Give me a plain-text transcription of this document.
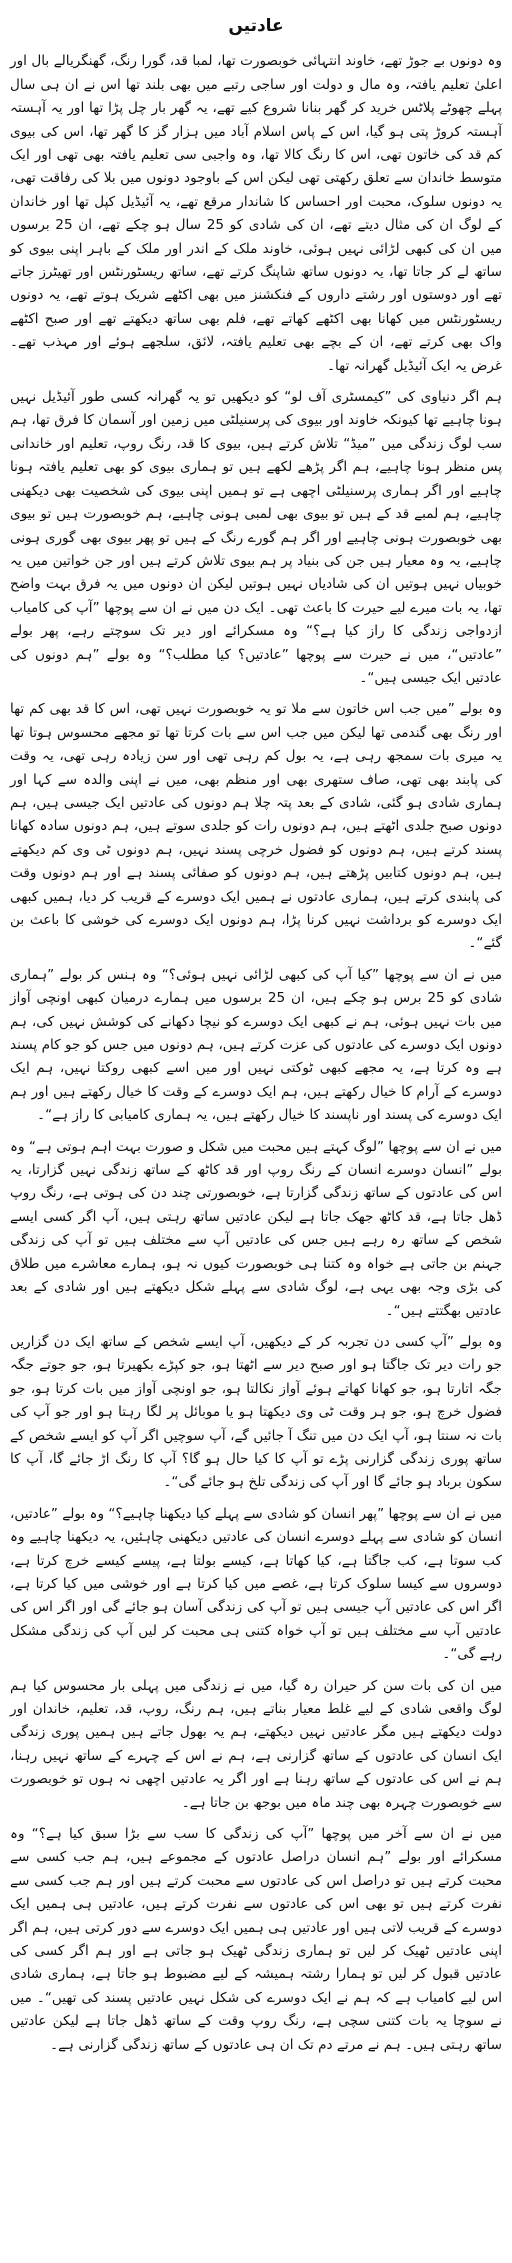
عادتیں

وہ دونوں بے جوڑ تھے، خاوند انتہائی خوبصورت تھا، لمبا قد، گورا رنگ، گھنگریالے بال اور اعلیٰ تعلیم یافتہ، وہ مال و دولت اور ساجی رتبے میں بھی بلند تھا اس نے ان ہی سال پہلے چھوٹے پلاٹس خرید کر گھر بنانا شروع کیے تھے، یہ گھر بار چل پڑا تھا اور یہ آہستہ آہستہ کروڑ پتی ہو گیا، اس کے پاس اسلام آباد میں ہزار گز کا گھر تھا، اس کی بیوی کم قد کی خاتون تھی، اس کا رنگ کالا تھا، وہ واجبی سی تعلیم یافتہ بھی تھی اور ایک متوسط خاندان سے تعلق رکھتی تھی لیکن اس کے باوجود دونوں میں بلا کی رفاقت تھی، یہ دونوں سلوک، محبت اور احساس کا شاندار مرقع تھے، یہ آئیڈیل کپل تھا اور خاندان کے لوگ ان کی مثال دیتے تھے، ان کی شادی کو 25 سال ہو چکے تھے، ان 25 برسوں میں ان کی کبھی لڑائی نہیں ہوئی، خاوند ملک کے اندر اور ملک کے باہر اپنی بیوی کو ساتھ لے کر جاتا تھا، یہ دونوں ساتھ شاپنگ کرتے تھے، ساتھ ریسٹورنٹس اور تھیٹرز جاتے تھے اور دوستوں اور رشتے داروں کے فنکشنز میں بھی اکٹھے شریک ہوتے تھے، یہ دونوں ریسٹورنٹس میں کھانا بھی اکٹھے کھاتے تھے، فلم بھی ساتھ دیکھتے تھے اور صبح اکٹھے واک بھی کرتے تھے، ان کے بچے بھی تعلیم یافتہ، لائق، سلجھے ہوئے اور مہذب تھے۔ غرض یہ ایک آئیڈیل گھرانہ تھا۔

ہم اگر دنیاوی کی ”کیمسٹری آف لو“ کو دیکھیں تو یہ گھرانہ کسی طور آئیڈیل نہیں ہونا چاہیے تھا کیونکہ خاوند اور بیوی کی پرسنیلٹی میں زمین اور آسمان کا فرق تھا، ہم سب لوگ زندگی میں ”میڈ“ تلاش کرتے ہیں، بیوی کا قد، رنگ روپ، تعلیم اور خاندانی پس منظر ہونا چاہیے، ہم اگر پڑھے لکھے ہیں تو ہماری بیوی کو بھی تعلیم یافتہ ہونا چاہیے اور اگر ہماری پرسنیلٹی اچھی ہے تو ہمیں اپنی بیوی کی شخصیت بھی دیکھنی چاہیے، ہم لمبے قد کے ہیں تو بیوی بھی لمبی ہونی چاہیے، ہم خوبصورت ہیں تو بیوی بھی خوبصورت ہونی چاہیے اور اگر ہم گورے رنگ کے ہیں تو پھر بیوی بھی گوری ہونی چاہیے، یہ وہ معیار ہیں جن کی بنیاد پر ہم بیوی تلاش کرتے ہیں اور جن خواتین میں یہ خوبیاں نہیں ہوتیں ان کی شادیاں نہیں ہوتیں لیکن ان دونوں میں یہ فرق بہت واضح تھا، یہ بات میرے لیے حیرت کا باعث تھی۔ ایک دن میں نے ان سے پوچھا ”آپ کی کامیاب ازدواجی زندگی کا راز کیا ہے؟“ وہ مسکرائے اور دیر تک سوچتے رہے، پھر بولے ”عادتیں“، میں نے حیرت سے پوچھا ”عادتیں؟ کیا مطلب؟“ وہ بولے ”ہم دونوں کی عادتیں ایک جیسی ہیں“۔

وہ بولے ”میں جب اس خاتون سے ملا تو یہ خوبصورت نہیں تھی، اس کا قد بھی کم تھا اور رنگ بھی گندمی تھا لیکن میں جب اس سے بات کرتا تھا تو مجھے محسوس ہوتا تھا یہ میری بات سمجھ رہی ہے، یہ بول کم رہی تھی اور سن زیادہ رہی تھی، یہ وقت کی پابند بھی تھی، صاف ستھری بھی اور منظم بھی، میں نے اپنی والدہ سے کہا اور ہماری شادی ہو گئی، شادی کے بعد پتہ چلا ہم دونوں کی عادتیں ایک جیسی ہیں، ہم دونوں صبح جلدی اٹھتے ہیں، ہم دونوں رات کو جلدی سوتے ہیں، ہم دونوں سادہ کھانا پسند کرتے ہیں، ہم دونوں کو فضول خرچی پسند نہیں، ہم دونوں ٹی وی کم دیکھتے ہیں، ہم دونوں کتابیں پڑھتے ہیں، ہم دونوں کو صفائی پسند ہے اور ہم دونوں وقت کی پابندی کرتے ہیں، ہماری عادتوں نے ہمیں ایک دوسرے کے قریب کر دیا، ہمیں کبھی ایک دوسرے کو برداشت نہیں کرنا پڑا، ہم دونوں ایک دوسرے کی خوشی کا باعث بن گئے“۔

میں نے ان سے پوچھا ”کیا آپ کی کبھی لڑائی نہیں ہوئی؟“ وہ ہنس کر بولے ”ہماری شادی کو 25 برس ہو چکے ہیں، ان 25 برسوں میں ہمارے درمیان کبھی اونچی آواز میں بات نہیں ہوئی، ہم نے کبھی ایک دوسرے کو نیچا دکھانے کی کوشش نہیں کی، ہم دونوں ایک دوسرے کی عادتوں کی عزت کرتے ہیں، ہم دونوں میں جس کو جو کام پسند ہے وہ کرتا ہے، یہ مجھے کبھی ٹوکتی نہیں اور میں اسے کبھی روکتا نہیں، ہم ایک دوسرے کے آرام کا خیال رکھتے ہیں، ہم ایک دوسرے کے وقت کا خیال رکھتے ہیں اور ہم ایک دوسرے کی پسند اور ناپسند کا خیال رکھتے ہیں، یہ ہماری کامیابی کا راز ہے“۔

میں نے ان سے پوچھا ”لوگ کہتے ہیں محبت میں شکل و صورت بہت اہم ہوتی ہے“ وہ بولے ”انسان دوسرے انسان کے رنگ روپ اور قد کاٹھ کے ساتھ زندگی نہیں گزارتا، یہ اس کی عادتوں کے ساتھ زندگی گزارتا ہے، خوبصورتی چند دن کی ہوتی ہے، رنگ روپ ڈھل جاتا ہے، قد کاٹھ جھک جاتا ہے لیکن عادتیں ساتھ رہتی ہیں، آپ اگر کسی ایسے شخص کے ساتھ رہ رہے ہیں جس کی عادتیں آپ سے مختلف ہیں تو آپ کی زندگی جہنم بن جاتی ہے خواہ وہ کتنا ہی خوبصورت کیوں نہ ہو، ہمارے معاشرے میں طلاق کی بڑی وجہ بھی یہی ہے، لوگ شادی سے پہلے شکل دیکھتے ہیں اور شادی کے بعد عادتیں بھگتتے ہیں“۔

وہ بولے ”آپ کسی دن تجربہ کر کے دیکھیں، آپ ایسے شخص کے ساتھ ایک دن گزاریں جو رات دیر تک جاگتا ہو اور صبح دیر سے اٹھتا ہو، جو کپڑے بکھیرتا ہو، جو جوتے جگہ جگہ اتارتا ہو، جو کھانا کھاتے ہوئے آواز نکالتا ہو، جو اونچی آواز میں بات کرتا ہو، جو فضول خرچ ہو، جو ہر وقت ٹی وی دیکھتا ہو یا موبائل پر لگا رہتا ہو اور جو آپ کی بات نہ سنتا ہو، آپ ایک دن میں تنگ آ جائیں گے، آپ سوچیں اگر آپ کو ایسے شخص کے ساتھ پوری زندگی گزارنی پڑے تو آپ کا کیا حال ہو گا؟ آپ کا رنگ اڑ جائے گا، آپ کا سکون برباد ہو جائے گا اور آپ کی زندگی تلخ ہو جائے گی“۔

میں نے ان سے پوچھا ”پھر انسان کو شادی سے پہلے کیا دیکھنا چاہیے؟“ وہ بولے ”عادتیں، انسان کو شادی سے پہلے دوسرے انسان کی عادتیں دیکھنی چاہئیں، یہ دیکھنا چاہیے وہ کب سوتا ہے، کب جاگتا ہے، کیا کھاتا ہے، کیسے بولتا ہے، پیسے کیسے خرچ کرتا ہے، دوسروں سے کیسا سلوک کرتا ہے، غصے میں کیا کرتا ہے اور خوشی میں کیا کرتا ہے، اگر اس کی عادتیں آپ جیسی ہیں تو آپ کی زندگی آسان ہو جائے گی اور اگر اس کی عادتیں آپ سے مختلف ہیں تو آپ خواہ کتنی ہی محبت کر لیں آپ کی زندگی مشکل رہے گی“۔

میں ان کی بات سن کر حیران رہ گیا، میں نے زندگی میں پہلی بار محسوس کیا ہم لوگ واقعی شادی کے لیے غلط معیار بناتے ہیں، ہم رنگ، روپ، قد، تعلیم، خاندان اور دولت دیکھتے ہیں مگر عادتیں نہیں دیکھتے، ہم یہ بھول جاتے ہیں ہمیں پوری زندگی ایک انسان کی عادتوں کے ساتھ گزارنی ہے، ہم نے اس کے چہرے کے ساتھ نہیں رہنا، ہم نے اس کی عادتوں کے ساتھ رہنا ہے اور اگر یہ عادتیں اچھی نہ ہوں تو خوبصورت سے خوبصورت چہرہ بھی چند ماہ میں بوجھ بن جاتا ہے۔

میں نے ان سے آخر میں پوچھا ”آپ کی زندگی کا سب سے بڑا سبق کیا ہے؟“ وہ مسکرائے اور بولے ”ہم انسان دراصل عادتوں کے مجموعے ہیں، ہم جب کسی سے محبت کرتے ہیں تو دراصل اس کی عادتوں سے محبت کرتے ہیں اور ہم جب کسی سے نفرت کرتے ہیں تو بھی اس کی عادتوں سے نفرت کرتے ہیں، عادتیں ہی ہمیں ایک دوسرے کے قریب لاتی ہیں اور عادتیں ہی ہمیں ایک دوسرے سے دور کرتی ہیں، ہم اگر اپنی عادتیں ٹھیک کر لیں تو ہماری زندگی ٹھیک ہو جاتی ہے اور ہم اگر کسی کی عادتیں قبول کر لیں تو ہمارا رشتہ ہمیشہ کے لیے مضبوط ہو جاتا ہے، ہماری شادی اس لیے کامیاب ہے کہ ہم نے ایک دوسرے کی شکل نہیں عادتیں پسند کی تھیں“۔ میں نے سوچا یہ بات کتنی سچی ہے، رنگ روپ وقت کے ساتھ ڈھل جاتا ہے لیکن عادتیں ساتھ رہتی ہیں۔ ہم نے مرتے دم تک ان ہی عادتوں کے ساتھ زندگی گزارنی ہے۔
